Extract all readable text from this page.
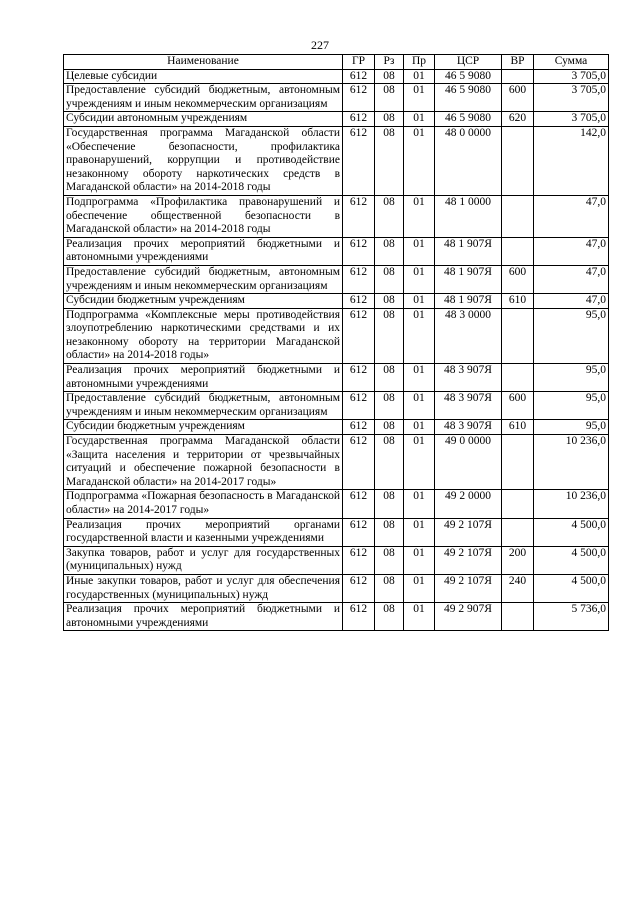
227
Наименование	ГР	Рз	Пр	ЦСР	ВР	Сумма
Целевые субсидии	612	08	01	46 5 9080		3 705,0
Предоставление субсидий бюджетным, автономным учреждениям и иным некоммерческим организациям	612	08	01	46 5 9080	600	3 705,0
Субсидии автономным учреждениям	612	08	01	46 5 9080	620	3 705,0
Государственная программа Магаданской области «Обеспечение безопасности, профилактика правонарушений, коррупции и противодействие незаконному обороту наркотических средств в Магаданской области» на 2014-2018 годы	612	08	01	48 0 0000		142,0
Подпрограмма «Профилактика правонарушений и обеспечение общественной безопасности в Магаданской области» на 2014-2018 годы	612	08	01	48 1 0000		47,0
Реализация прочих мероприятий бюджетными и автономными учреждениями	612	08	01	48 1 907Я		47,0
Предоставление субсидий бюджетным, автономным учреждениям и иным некоммерческим организациям	612	08	01	48 1 907Я	600	47,0
Субсидии бюджетным учреждениям	612	08	01	48 1 907Я	610	47,0
Подпрограмма «Комплексные меры противодействия злоупотреблению наркотическими средствами и их незаконному обороту на территории Магаданской области» на 2014-2018 годы»	612	08	01	48 3 0000		95,0
Реализация прочих мероприятий бюджетными и автономными учреждениями	612	08	01	48 3 907Я		95,0
Предоставление субсидий бюджетным, автономным учреждениям и иным некоммерческим организациям	612	08	01	48 3 907Я	600	95,0
Субсидии бюджетным учреждениям	612	08	01	48 3 907Я	610	95,0
Государственная программа Магаданской области «Защита населения и территории от чрезвычайных ситуаций и обеспечение пожарной безопасности в Магаданской области» на 2014-2017 годы»	612	08	01	49 0 0000		10 236,0
Подпрограмма «Пожарная безопасность в Магаданской области» на 2014-2017 годы»	612	08	01	49 2 0000		10 236,0
Реализация прочих мероприятий органами государственной власти и казенными учреждениями	612	08	01	49 2 107Я		4 500,0
Закупка товаров, работ и услуг для государственных (муниципальных) нужд	612	08	01	49 2 107Я	200	4 500,0
Иные закупки товаров, работ и услуг для обеспечения государственных (муниципальных) нужд	612	08	01	49 2 107Я	240	4 500,0
Реализация прочих мероприятий бюджетными и автономными учреждениями	612	08	01	49 2 907Я		5 736,0
